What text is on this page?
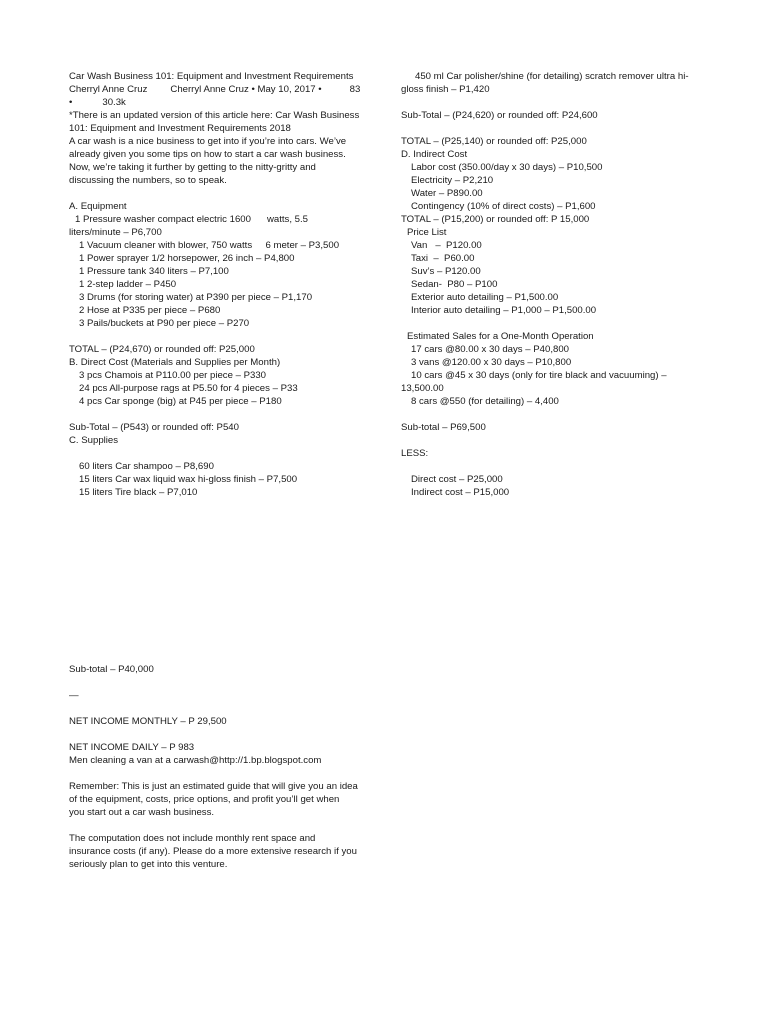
Car Wash Business 101: Equipment and Investment Requirements
Cherryl Anne Cruz Cherryl Anne Cruz • May 10, 2017 •	83
•	30.3k
*There is an updated version of this article here: Car Wash Business
101: Equipment and Investment Requirements 2018
A car wash is a nice business to get into if you’re into cars. We’ve
already given you some tips on how to start a car wash business.
Now, we’re taking it further by getting to the nitty-gritty and
discussing the numbers, so to speak.
A. Equipment
1 Pressure washer compact electric 1600      watts, 5.5
liters/minute – P6,700
1 Vacuum cleaner with blower, 750 watts     6 meter – P3,500
1 Power sprayer 1/2 horsepower, 26 inch – P4,800
1 Pressure tank 340 liters – P7,100
1 2-step ladder – P450
3 Drums (for storing water) at P390 per piece – P1,170
2 Hose at P335 per piece – P680
3 Pails/buckets at P90 per piece – P270
TOTAL – (P24,670) or rounded off: P25,000
B. Direct Cost (Materials and Supplies per Month)
3 pcs Chamois at P110.00 per piece – P330
24 pcs All-purpose rags at P5.50 for 4 pieces – P33
4 pcs Car sponge (big) at P45 per piece – P180
Sub-Total – (P543) or rounded off: P540
C. Supplies
60 liters Car shampoo – P8,690
15 liters Car wax liquid wax hi-gloss finish – P7,500
15 liters Tire black – P7,010
450 ml Car polisher/shine (for detailing) scratch remover ultra hi-
gloss finish – P1,420
Sub-Total – (P24,620) or rounded off: P24,600
TOTAL – (P25,140) or rounded off: P25,000
D. Indirect Cost
Labor cost (350.00/day x 30 days) – P10,500
Electricity – P2,210
Water – P890.00
Contingency (10% of direct costs) – P1,600
TOTAL – (P15,200) or rounded off: P 15,000
Price List
Van   –  P120.00
Taxi  –  P60.00
Suv’s – P120.00
Sedan-  P80 – P100
Exterior auto detailing – P1,500.00
Interior auto detailing – P1,000 – P1,500.00
Estimated Sales for a One-Month Operation
17 cars @80.00 x 30 days – P40,800
3 vans @120.00 x 30 days – P10,800
10 cars @45 x 30 days (only for tire black and vacuuming) –
13,500.00
8 cars @550 (for detailing) – 4,400
Sub-total – P69,500
LESS:
Direct cost – P25,000
Indirect cost – P15,000
Sub-total – P40,000
—
NET INCOME MONTHLY – P 29,500
NET INCOME DAILY – P 983
Men cleaning a van at a carwash@http://1.bp.blogspot.com
Remember: This is just an estimated guide that will give you an idea
of the equipment, costs, price options, and profit you’ll get when
you start out a car wash business.
The computation does not include monthly rent space and
insurance costs (if any). Please do a more extensive research if you
seriously plan to get into this venture.
